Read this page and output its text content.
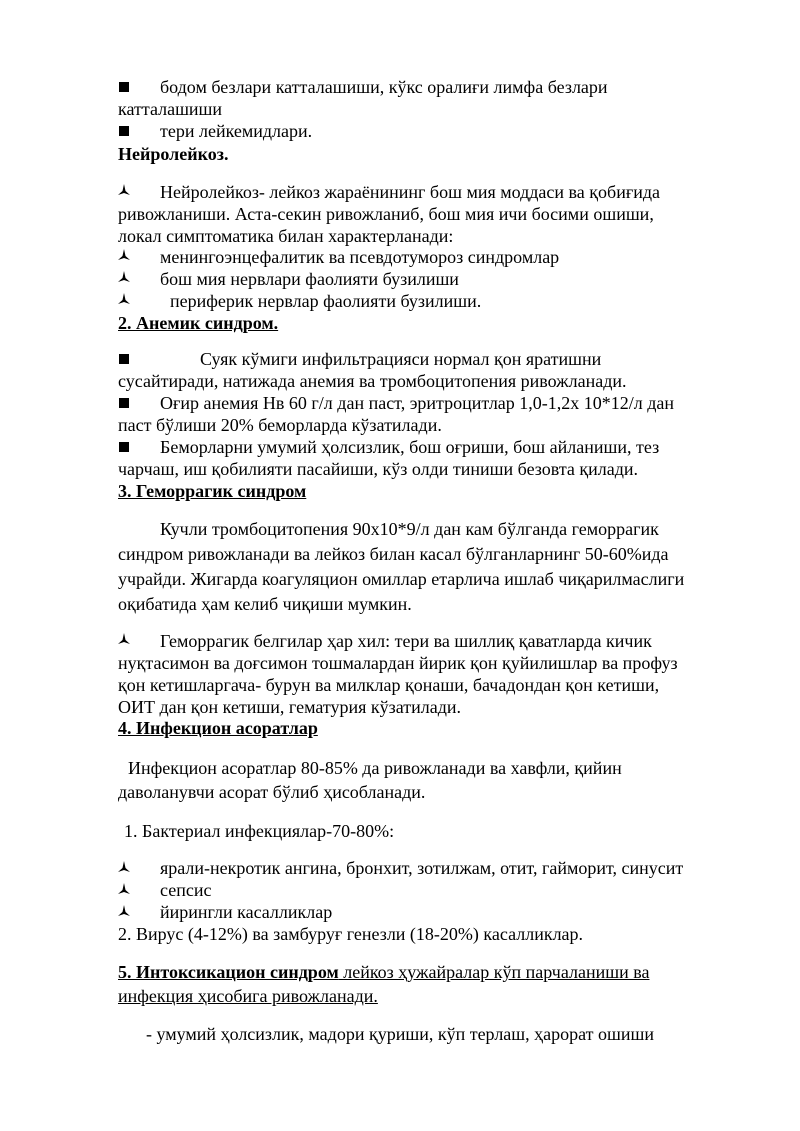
бодом безлари катталашиши, кўкс оралиғи лимфа безлари
катталашиши
тери лейкемидлари.
Нейролейкоз.
Нейролейкоз- лейкоз жараёнининг бош мия моддаси ва қобиғида
ривожланиши. Аста-секин ривожланиб, бош мия ичи босими ошиши,
локал симптоматика билан характерланади:
менингоэнцефалитик ва псевдотумороз синдромлар
бош мия нервлари фаолияти бузилиши
периферик нервлар фаолияти бузилиши.
2. Анемик синдром.
Суяк кўмиги инфильтрацияси нормал қон яратишни
сусайтиради, натижада анемия ва тромбоцитопения ривожланади.
Оғир анемия Нв 60 г/л дан паст, эритроцитлар 1,0-1,2х 10*12/л дан
паст бўлиши 20% беморларда кўзатилади.
Беморларни умумий ҳолсизлик, бош оғриши, бош айланиши, тез
чарчаш, иш қобилияти пасайиши, кўз олди тиниши безовта қилади.
3. Геморрагик синдром
Кучли тромбоцитопения 90х10*9/л дан кам бўлганда геморрагик
синдром ривожланади ва лейкоз билан касал бўлганларнинг 50-60%ида
учрайди. Жигарда коагуляцион омиллар етарлича ишлаб чиқарилмаслиги
оқибатида ҳам келиб чиқиши мумкин.
Геморрагик белгилар ҳар хил: тери ва шиллиқ қаватларда кичик
нуқтасимон ва доғсимон тошмалардан йирик қон қуйилишлар ва профуз
қон кетишларгача- бурун ва милклар қонаши, бачадондан қон кетиши,
ОИТ дан қон кетиши, гематурия кўзатилади.
4. Инфекцион асоратлар
Инфекцион асоратлар 80-85% да ривожланади ва хавфли, қийин
даволанувчи асорат бўлиб ҳисобланади.
1. Бактериал инфекциялар-70-80%:
ярали-некротик ангина, бронхит, зотилжам, отит, гайморит, синусит
сепсис
йирингли касалликлар
2. Вирус (4-12%) ва замбуруғ генезли (18-20%) касалликлар.
5. Интоксикацион синдром лейкоз ҳужайралар кўп парчаланиши ва
инфекция ҳисобига ривожланади.
- умумий ҳолсизлик, мадори қуриши, кўп терлаш, ҳарорат ошиши
